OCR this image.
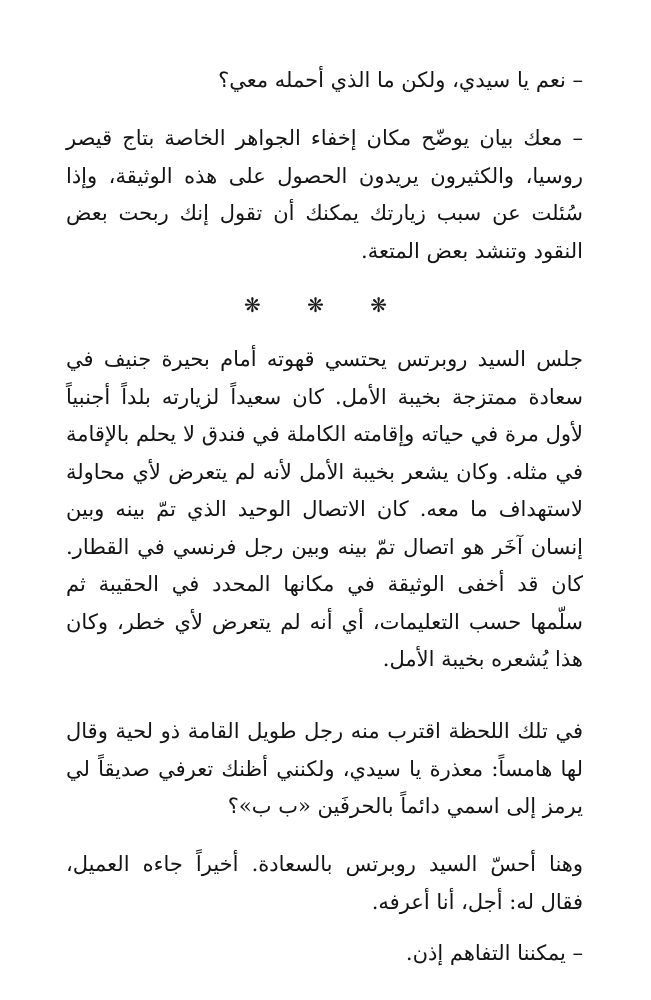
– نعم يا سيدي، ولكن ما الذي أحمله معي؟

– معك بيان يوضّح مكان إخفاء الجواهر الخاصة بتاج قيصر روسيا، والكثيرون يريدون الحصول على هذه الوثيقة، وإذا سُئلت عن سبب زيارتك يمكنك أن تقول إنك ربحت بعض النقود وتنشد بعض المتعة.

❋ ❋ ❋

جلس السيد روبرتس يحتسي قهوته أمام بحيرة جنيف في سعادة ممتزجة بخيبة الأمل. كان سعيداً لزيارته بلداً أجنبياً لأول مرة في حياته وإقامته الكاملة في فندق لا يحلم بالإقامة في مثله. وكان يشعر بخيبة الأمل لأنه لم يتعرض لأي محاولة لاستهداف ما معه. كان الاتصال الوحيد الذي تمّ بينه وبين إنسان آخَر هو اتصال تمّ بينه وبين رجل فرنسي في القطار. كان قد أخفى الوثيقة في مكانها المحدد في الحقيبة ثم سلّمها حسب التعليمات، أي أنه لم يتعرض لأي خطر، وكان هذا يُشعره بخيبة الأمل.

في تلك اللحظة اقترب منه رجل طويل القامة ذو لحية وقال لها هامساً: معذرة يا سيدي، ولكنني أظنك تعرفي صديقاً لي يرمز إلى اسمي دائماً بالحرفَين «ب ب»؟

وهنا أحسّ السيد روبرتس بالسعادة. أخيراً جاءه العميل، فقال له: أجل، أنا أعرفه.

– يمكننا التفاهم إذن.
